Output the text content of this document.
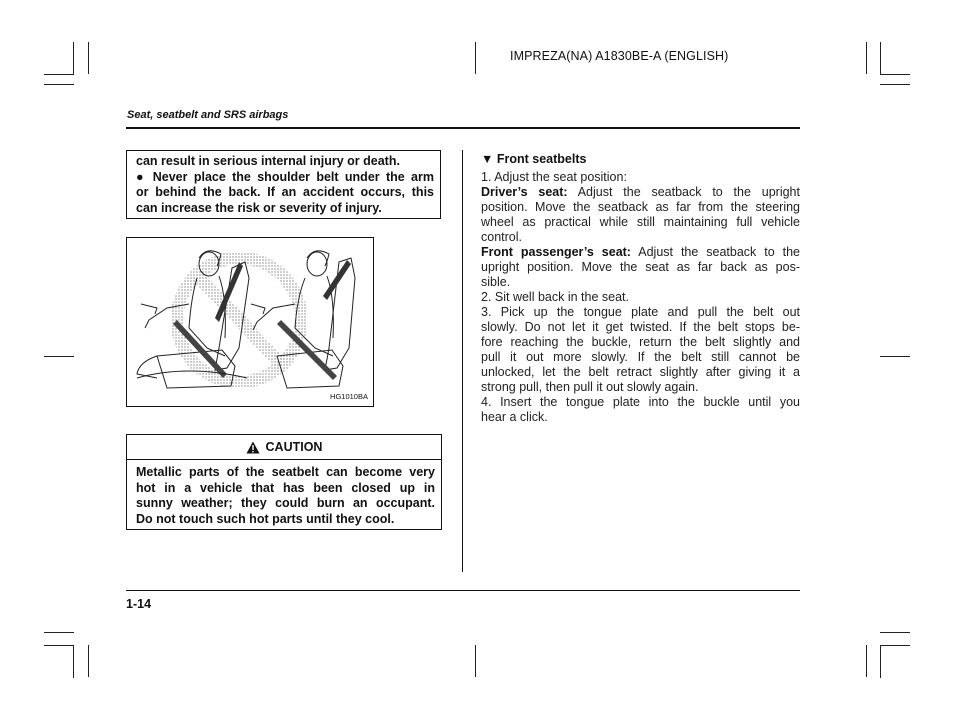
IMPREZA(NA) A1830BE-A (ENGLISH)
Seat, seatbelt and SRS airbags

can result in serious internal injury or death.

● Never place the shoulder belt under the arm

or behind the back. If an accident occurs, this

can increase the risk or severity of injury.

HG1010BA
CAUTION
Metallic parts of the seatbelt can become very
hot in a vehicle that has been closed up in
sunny weather; they could burn an occupant.
Do not touch such hot parts until they cool.
▼ Front seatbelts
1. Adjust the seat position:
Driver’s seat: Adjust the seatback to the upright
position. Move the seatback as far from the steering
wheel as practical while still maintaining full vehicle
control.
Front passenger’s seat: Adjust the seatback to the
upright position. Move the seat as far back as pos-
sible.
2. Sit well back in the seat.
3. Pick up the tongue plate and pull the belt out
slowly. Do not let it get twisted. If the belt stops be-
fore reaching the buckle, return the belt slightly and
pull it out more slowly. If the belt still cannot be
unlocked, let the belt retract slightly after giving it a
strong pull, then pull it out slowly again.
4. Insert the tongue plate into the buckle until you
hear a click.
1-14
